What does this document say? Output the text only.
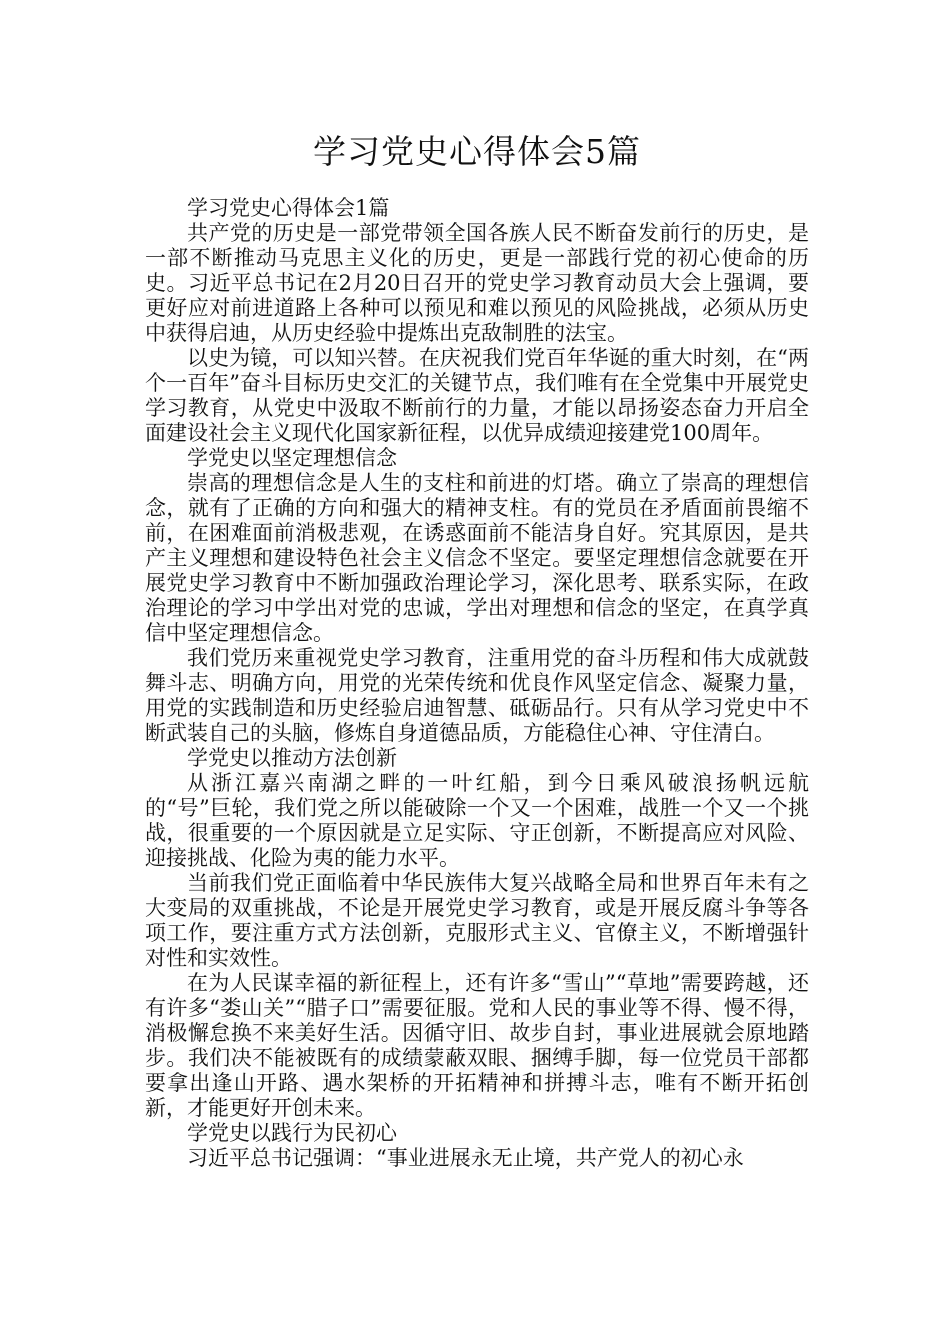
学习党史心得体会5篇

学习党史心得体会1篇

共产党的历史是一部党带领全国各族人民不断奋发前行的历史，是一部不断推动马克思主义化的历史，更是一部践行党的初心使命的历史。习近平总书记在2月20日召开的党史学习教育动员大会上强调，要更好应对前进道路上各种可以预见和难以预见的风险挑战，必须从历史中获得启迪，从历史经验中提炼出克敌制胜的法宝。

以史为镜，可以知兴替。在庆祝我们党百年华诞的重大时刻，在“两个一百年”奋斗目标历史交汇的关键节点，我们唯有在全党集中开展党史学习教育，从党史中汲取不断前行的力量，才能以昂扬姿态奋力开启全面建设社会主义现代化国家新征程，以优异成绩迎接建党100周年。

学党史以坚定理想信念

崇高的理想信念是人生的支柱和前进的灯塔。确立了崇高的理想信念，就有了正确的方向和强大的精神支柱。有的党员在矛盾面前畏缩不前，在困难面前消极悲观，在诱惑面前不能洁身自好。究其原因，是共产主义理想和建设特色社会主义信念不坚定。要坚定理想信念就要在开展党史学习教育中不断加强政治理论学习，深化思考、联系实际，在政治理论的学习中学出对党的忠诚，学出对理想和信念的坚定，在真学真信中坚定理想信念。

我们党历来重视党史学习教育，注重用党的奋斗历程和伟大成就鼓舞斗志、明确方向，用党的光荣传统和优良作风坚定信念、凝聚力量，用党的实践制造和历史经验启迪智慧、砥砺品行。只有从学习党史中不断武装自己的头脑，修炼自身道德品质，方能稳住心神、守住清白。

学党史以推动方法创新

从浙江嘉兴南湖之畔的一叶红船，到今日乘风破浪扬帆远航的“号”巨轮，我们党之所以能破除一个又一个困难，战胜一个又一个挑战，很重要的一个原因就是立足实际、守正创新，不断提高应对风险、迎接挑战、化险为夷的能力水平。

当前我们党正面临着中华民族伟大复兴战略全局和世界百年未有之大变局的双重挑战，不论是开展党史学习教育，或是开展反腐斗争等各项工作，要注重方式方法创新，克服形式主义、官僚主义，不断增强针对性和实效性。

在为人民谋幸福的新征程上，还有许多“雪山”“草地”需要跨越，还有许多“娄山关”“腊子口”需要征服。党和人民的事业等不得、慢不得，消极懈怠换不来美好生活。因循守旧、故步自封，事业进展就会原地踏步。我们决不能被既有的成绩蒙蔽双眼、捆缚手脚，每一位党员干部都要拿出逢山开路、遇水架桥的开拓精神和拼搏斗志，唯有不断开拓创新，才能更好开创未来。

学党史以践行为民初心

习近平总书记强调：“事业进展永无止境，共产党人的初心永
